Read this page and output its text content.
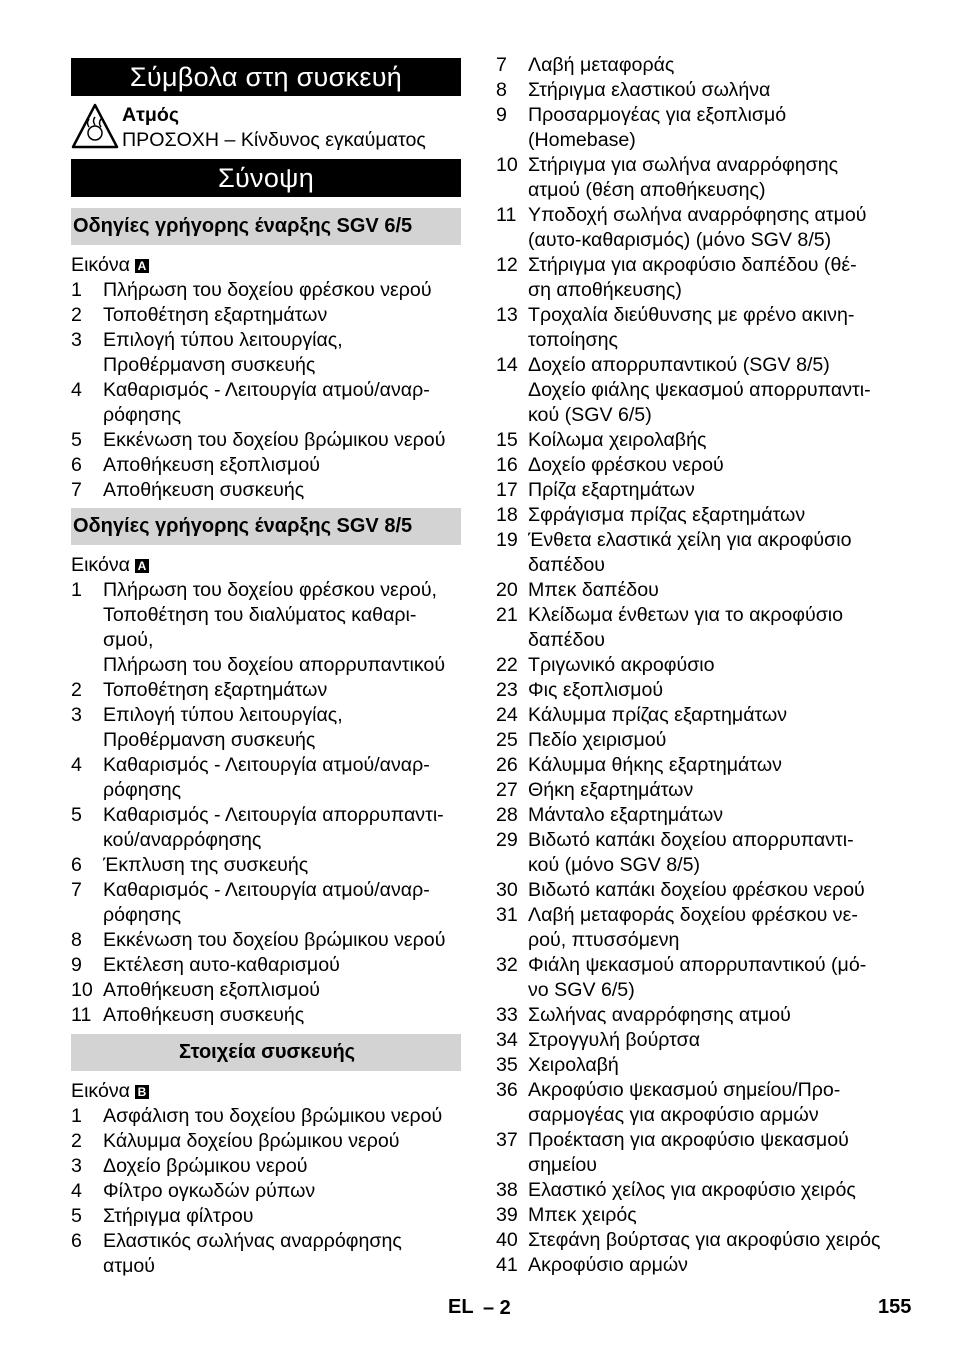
Σύμβολα στη συσκευή
Ατμός
ΠΡΟΣΟΧΗ – Κίνδυνος εγκαύματος
Σύνοψη
Οδηγίες γρήγορης έναρξης SGV 6/5
Εικόνα A
1	Πλήρωση του δοχείου φρέσκου νερού
2	Τοποθέτηση εξαρτημάτων
3	Επιλογή τύπου λειτουργίας,
Προθέρμανση συσκευής
4	Καθαρισμός - Λειτουργία ατμού/αναρ-
ρόφησης
5	Εκκένωση του δοχείου βρώμικου νερού
6	Αποθήκευση εξοπλισμού
7	Αποθήκευση συσκευής
Οδηγίες γρήγορης έναρξης SGV 8/5
Εικόνα A
1	Πλήρωση του δοχείου φρέσκου νερού,
Τοποθέτηση του διαλύματος καθαρι-
σμού,
Πλήρωση του δοχείου απορρυπαντικού
2	Τοποθέτηση εξαρτημάτων
3	Επιλογή τύπου λειτουργίας,
Προθέρμανση συσκευής
4	Καθαρισμός - Λειτουργία ατμού/αναρ-
ρόφησης
5	Καθαρισμός - Λειτουργία απορρυπαντι-
κού/αναρρόφησης
6	Έκπλυση της συσκευής
7	Καθαρισμός - Λειτουργία ατμού/αναρ-
ρόφησης
8	Εκκένωση του δοχείου βρώμικου νερού
9	Εκτέλεση αυτο-καθαρισμού
10 Αποθήκευση εξοπλισμού
11 Αποθήκευση συσκευής
Στοιχεία συσκευής
Εικόνα B
1	Ασφάλιση του δοχείου βρώμικου νερού
2	Κάλυμμα δοχείου βρώμικου νερού
3	Δοχείο βρώμικου νερού
4	Φίλτρο ογκωδών ρύπων
5	Στήριγμα φίλτρου
6	Ελαστικός σωλήνας αναρρόφησης
ατμού
7	Λαβή μεταφοράς
8	Στήριγμα ελαστικού σωλήνα
9	Προσαρμογέας για εξοπλισμό
(Homebase)
10 Στήριγμα για σωλήνα αναρρόφησης
ατμού (θέση αποθήκευσης)
11 Υποδοχή σωλήνα αναρρόφησης ατμού
(αυτο-καθαρισμός) (μόνο SGV 8/5)
12 Στήριγμα για ακροφύσιο δαπέδου (θέ-
ση αποθήκευσης)
13 Τροχαλία διεύθυνσης με φρένο ακινη-
τοποίησης
14 Δοχείο απορρυπαντικού (SGV 8/5)
Δοχείο φιάλης ψεκασμού απορρυπαντι-
κού (SGV 6/5)
15 Κοίλωμα χειρολαβής
16 Δοχείο φρέσκου νερού
17 Πρίζα εξαρτημάτων
18 Σφράγισμα πρίζας εξαρτημάτων
19 Ένθετα ελαστικά χείλη για ακροφύσιο
δαπέδου
20 Μπεκ δαπέδου
21 Κλείδωμα ένθετων για το ακροφύσιο
δαπέδου
22 Τριγωνικό ακροφύσιο
23 Φις εξοπλισμού
24 Κάλυμμα πρίζας εξαρτημάτων
25 Πεδίο χειρισμού
26 Κάλυμμα θήκης εξαρτημάτων
27 Θήκη εξαρτημάτων
28 Μάνταλο εξαρτημάτων
29 Βιδωτό καπάκι δοχείου απορρυπαντι-
κού (μόνο SGV 8/5)
30 Βιδωτό καπάκι δοχείου φρέσκου νερού
31 Λαβή μεταφοράς δοχείου φρέσκου νε-
ρού, πτυσσόμενη
32 Φιάλη ψεκασμού απορρυπαντικού (μό-
νο SGV 6/5)
33 Σωλήνας αναρρόφησης ατμού
34 Στρογγυλή βούρτσα
35 Χειρολαβή
36 Ακροφύσιο ψεκασμού σημείου/Προ-
σαρμογέας για ακροφύσιο αρμών
37 Προέκταση για ακροφύσιο ψεκασμού
σημείου
38 Ελαστικό χείλος για ακροφύσιο χειρός
39 Μπεκ χειρός
40 Στεφάνη βούρτσας για ακροφύσιο χειρός
41 Ακροφύσιο αρμών
EL – 2	155
